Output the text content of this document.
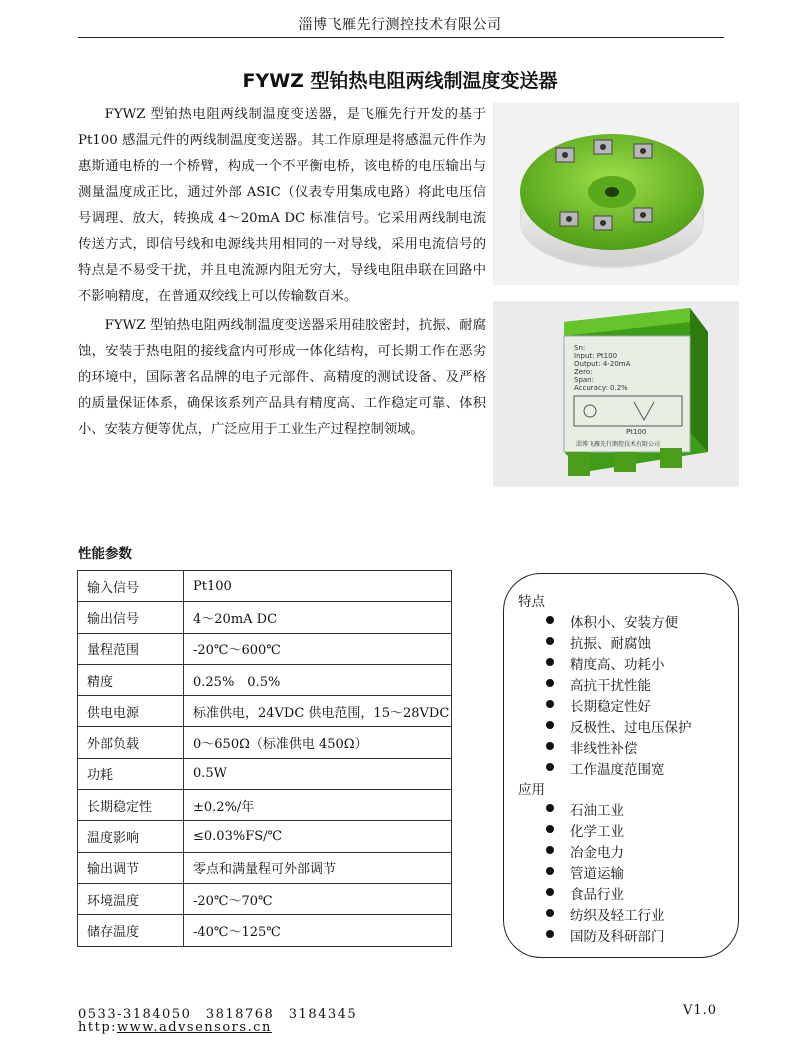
淄博飞雁先行测控技术有限公司
FYWZ 型铂热电阻两线制温度变送器

FYWZ 型铂热电阻两线制温度变送器，是飞雁先行开发的基于 Pt100 感温元件的两线制温度变送器。其工作原理是将感温元件作为惠斯通电桥的一个桥臂，构成一个不平衡电桥，该电桥的电压输出与测量温度成正比，通过外部 ASIC（仪表专用集成电路）将此电压信号调理、放大，转换成 4～20mA DC 标准信号。它采用两线制电流传送方式，即信号线和电源线共用相同的一对导线，采用电流信号的特点是不易受干扰，并且电流源内阻无穷大，导线电阻串联在回路中不影响精度，在普通双绞线上可以传输数百米。

FYWZ 型铂热电阻两线制温度变送器采用硅胶密封，抗振、耐腐蚀，安装于热电阻的接线盒内可形成一体化结构，可长期工作在恶劣的环境中，国际著名品牌的电子元部件、高精度的测试设备、及严格的质量保证体系，确保该系列产品具有精度高、工作稳定可靠、体积小、安装方便等优点，广泛应用于工业生产过程控制领域。

Sn:
Input: Pt100
Output: 4-20mA
Zero:
Span:
Accuracy: 0.2%
Pt100
淄博飞雁先行测控技术有限公司
性能参数
输入信号	Pt100
输出信号	4～20mA DC
量程范围	-20℃～600℃
精度	0.25%　0.5%
供电电源	标准供电，24VDC 供电范围，15～28VDC
外部负载	0～650Ω（标准供电 450Ω）
功耗	0.5W
长期稳定性	±0.2%/年
温度影响	≤0.03%FS/℃
输出调节	零点和满量程可外部调节
环境温度	-20℃～70℃
储存温度	-40℃～125℃
特点
体积小、安装方便
抗振、耐腐蚀
精度高、功耗小
高抗干扰性能
长期稳定性好
反极性、过电压保护
非线性补偿
工作温度范围宽
应用
石油工业
化学工业
冶金电力
管道运输
食品行业
纺织及轻工行业
国防及科研部门
0533-3184050　3818768　3184345	V1.0
http:www.advsensors.cn
